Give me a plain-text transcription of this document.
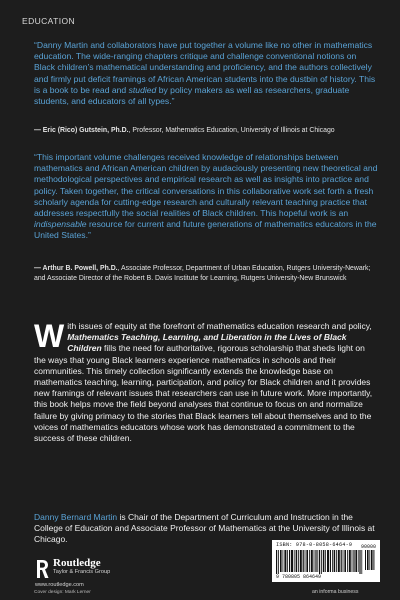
EDUCATION

“Danny Martin and collaborators have put together a volume like no other in mathematics education. The wide-ranging chapters critique and challenge conventional notions on Black children’s mathematical understanding and proficiency, and the authors collectively and firmly put deficit framings of African American students into the dustbin of history. This is a book to be read and studied by policy makers as well as researchers, graduate students, and educators of all types.”

— Eric (Rico) Gutstein, Ph.D., Professor, Mathematics Education, University of Illinois at Chicago

“This important volume challenges received knowledge of relationships between mathematics and African American children by audaciously presenting new theoretical and methodological perspectives and empirical research as well as insights into practice and policy. Taken together, the critical conversations in this collaborative work set forth a fresh scholarly agenda for cutting-edge research and culturally relevant teaching practice that addresses respectfully the social realities of Black children. This hopeful work is an indispensable resource for current and future generations of mathematics educators in the United States.”

— Arthur B. Powell, Ph.D., Associate Professor, Department of Urban Education, Rutgers University-Newark; and Associate Director of the Robert B. Davis Institute for Learning, Rutgers University-New Brunswick

With issues of equity at the forefront of mathematics education research and policy, Mathematics Teaching, Learning, and Liberation in the Lives of Black Children fills the need for authoritative, rigorous scholarship that sheds light on the ways that young Black learners experience mathematics in schools and their communities. This timely collection significantly extends the knowledge base on mathematics teaching, learning, participation, and policy for Black children and it provides new framings of relevant issues that researchers can use in future work. More importantly, this book helps move the field beyond analyses that continue to focus on and normalize failure by giving primacy to the stories that Black learners tell about themselves and to the voices of mathematics educators whose work has demonstrated a commitment to the success of these children.

Danny Bernard Martin is Chair of the Department of Curriculum and Instruction in the College of Education and Associate Professor of Mathematics at the University of Illinois at Chicago.
Routledge
Taylor & Francis Group
www.routledge.com
Cover design: Mark Lerner
ISBN: 978-0-8058-6464-9 90000
9 780805 864649
an informa business
